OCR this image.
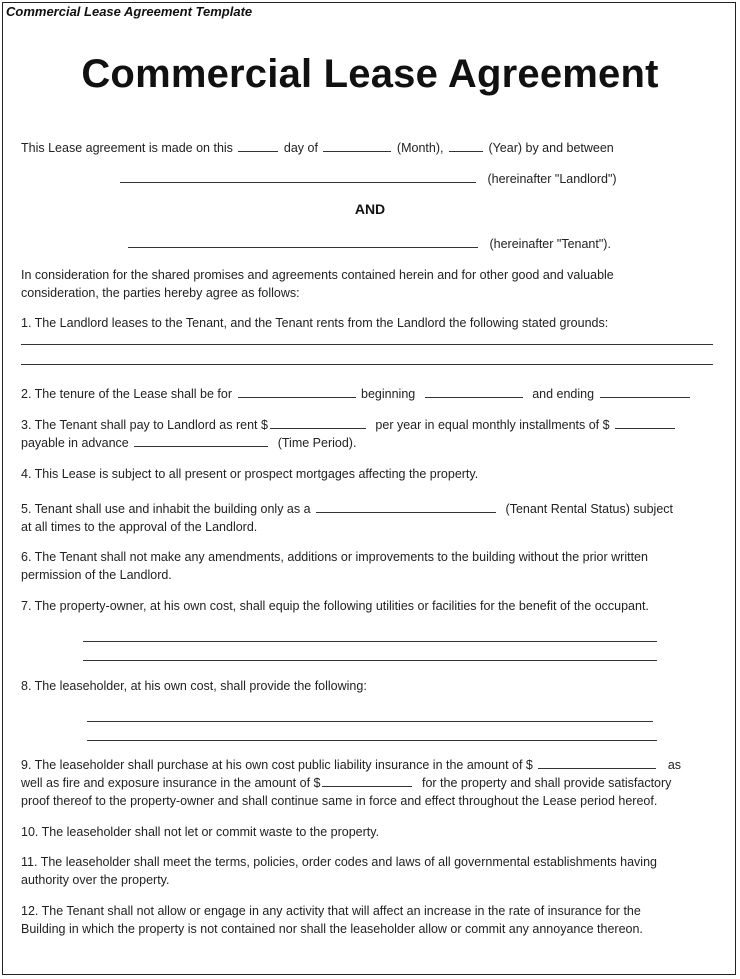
Commercial Lease Agreement Template
Commercial Lease Agreement
This Lease agreement is made on this	day of	(Month),	(Year) by and between
(hereinafter "Landlord")
AND
(hereinafter "Tenant").
In consideration for the shared promises and agreements contained herein and for other good and valuable
consideration, the parties hereby agree as follows:
1. The Landlord leases to the Tenant, and the Tenant rents from the Landlord the following stated grounds:
2. The tenure of the Lease shall be for	beginning	and ending
3. The Tenant shall pay to Landlord as rent $	per year in equal monthly installments of $
payable in advance	(Time Period).
4. This Lease is subject to all present or prospect mortgages affecting the property.
5. Tenant shall use and inhabit the building only as a	(Tenant Rental Status) subject
at all times to the approval of the Landlord.
6. The Tenant shall not make any amendments, additions or improvements to the building without the prior written
permission of the Landlord.
7. The property-owner, at his own cost, shall equip the following utilities or facilities for the benefit of the occupant.
8. The leaseholder, at his own cost, shall provide the following:
9. The leaseholder shall purchase at his own cost public liability insurance in the amount of $	as
well as fire and exposure insurance in the amount of $	for the property and shall provide satisfactory
proof thereof to the property-owner and shall continue same in force and effect throughout the Lease period hereof.
10. The leaseholder shall not let or commit waste to the property.
11. The leaseholder shall meet the terms, policies, order codes and laws of all governmental establishments having
authority over the property.
12. The Tenant shall not allow or engage in any activity that will affect an increase in the rate of insurance for the
Building in which the property is not contained nor shall the leaseholder allow or commit any annoyance thereon.
